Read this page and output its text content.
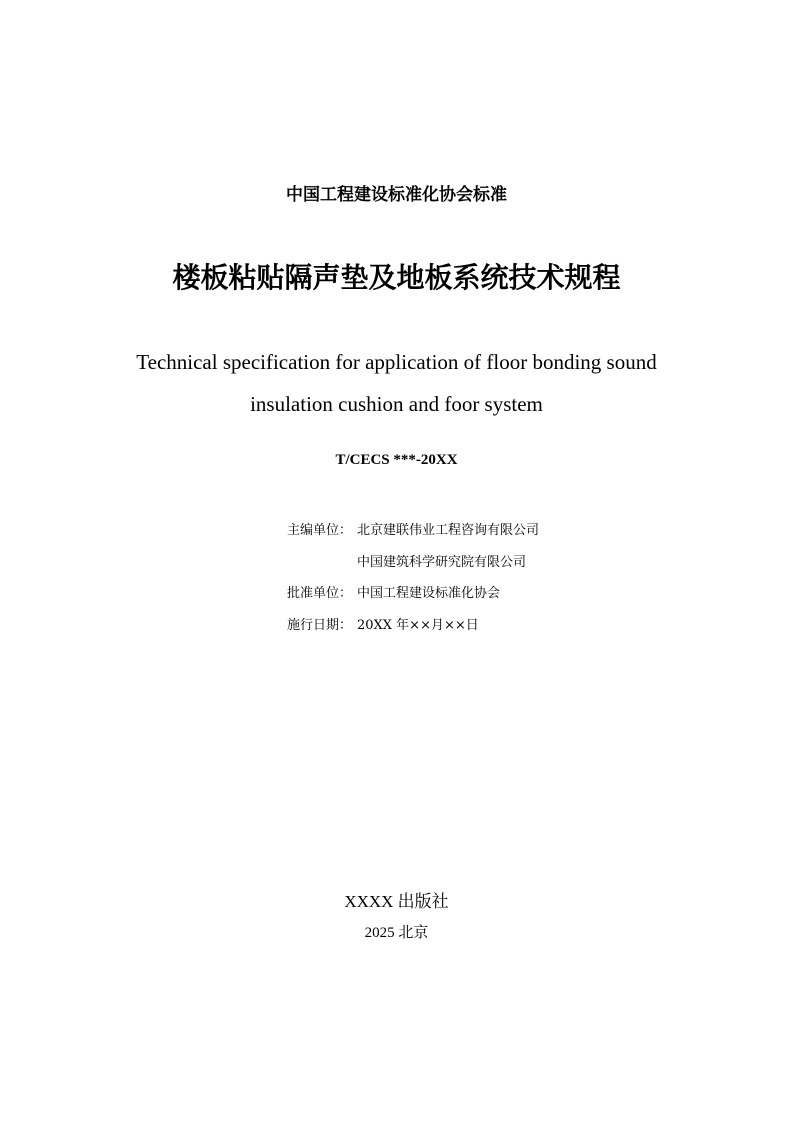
中国工程建设标准化协会标准
楼板粘贴隔声垫及地板系统技术规程
Technical specification for application of floor bonding sound
insulation cushion and foor system
T/CECS ***-20XX
主编单位： 北京建联伟业工程咨询有限公司
中国建筑科学研究院有限公司
批准单位： 中国工程建设标准化协会
施行日期： 20XX 年××月××日
XXXX 出版社
2025 北京
